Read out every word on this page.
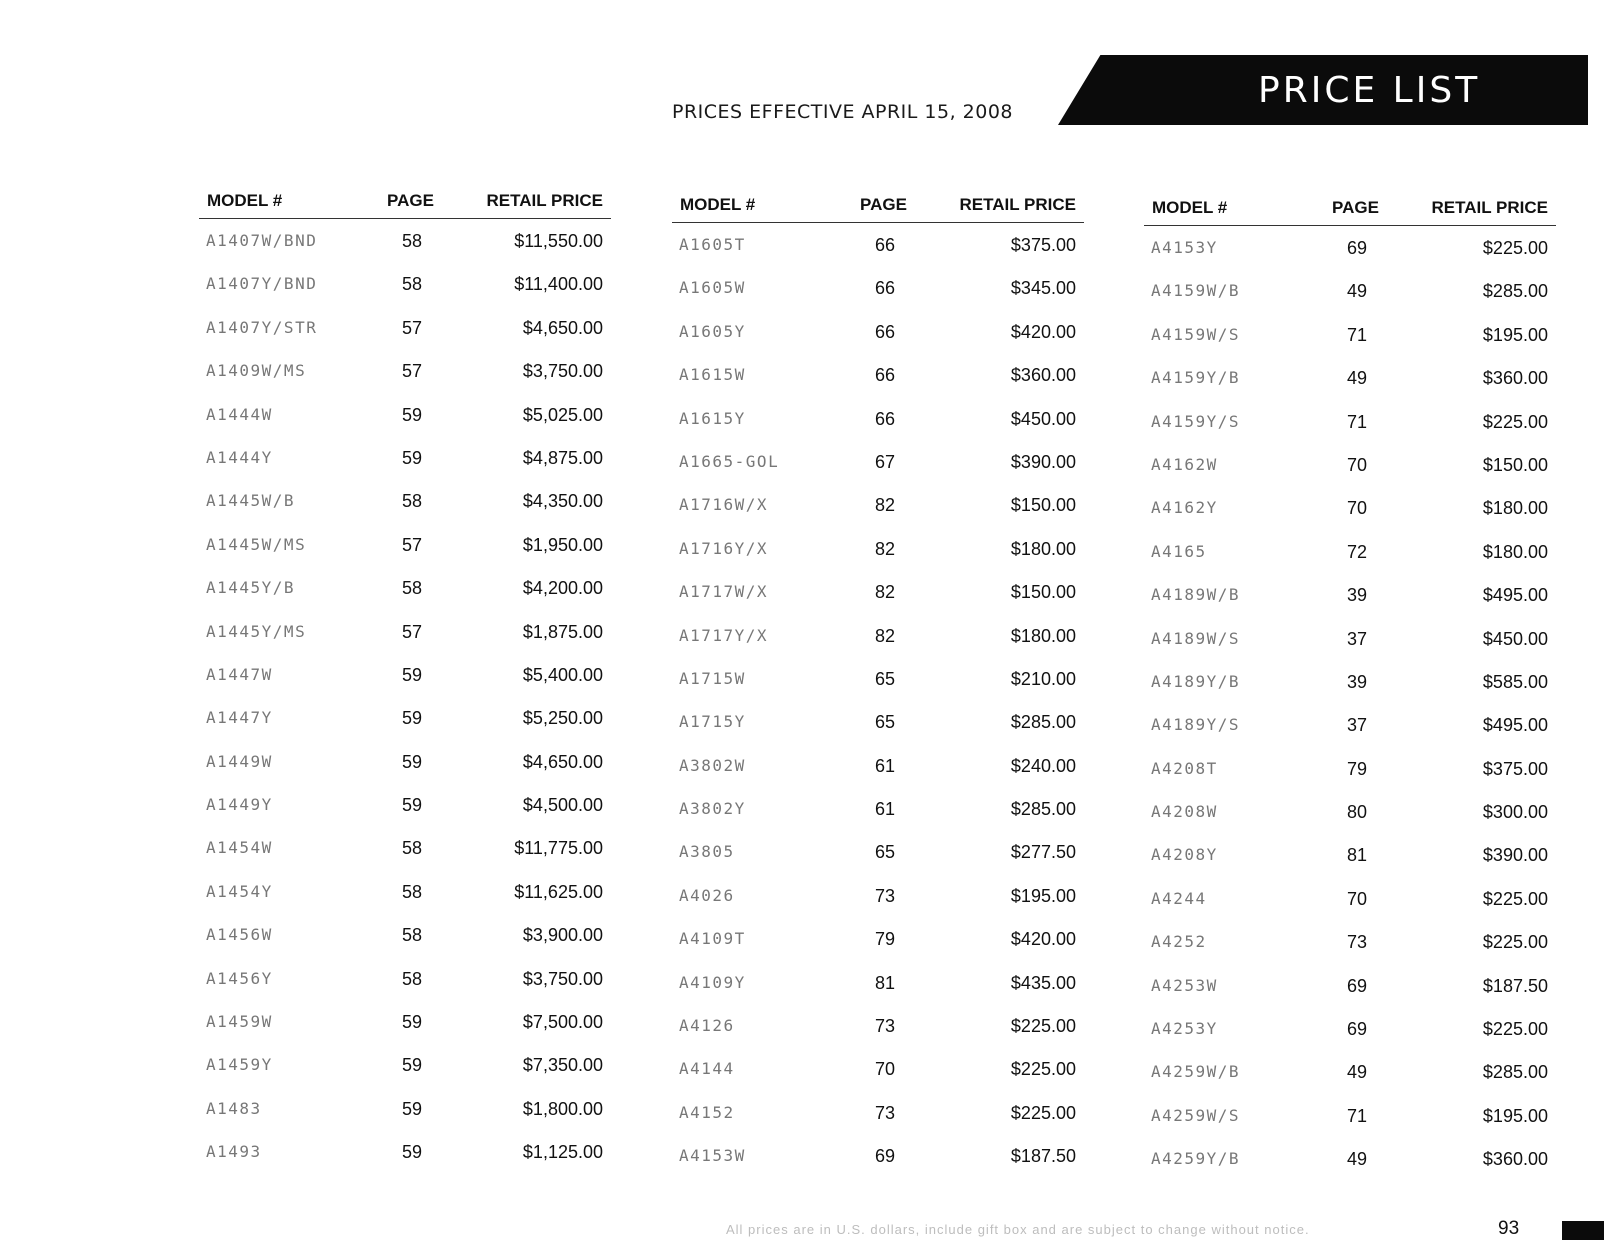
PRICE LIST
PRICES EFFECTIVE APRIL 15, 2008
MODEL #	PAGE	RETAIL PRICE
A1407W/BND	58	$11,550.00
A1407Y/BND	58	$11,400.00
A1407Y/STR	57	$4,650.00
A1409W/MS	57	$3,750.00
A1444W	59	$5,025.00
A1444Y	59	$4,875.00
A1445W/B	58	$4,350.00
A1445W/MS	57	$1,950.00
A1445Y/B	58	$4,200.00
A1445Y/MS	57	$1,875.00
A1447W	59	$5,400.00
A1447Y	59	$5,250.00
A1449W	59	$4,650.00
A1449Y	59	$4,500.00
A1454W	58	$11,775.00
A1454Y	58	$11,625.00
A1456W	58	$3,900.00
A1456Y	58	$3,750.00
A1459W	59	$7,500.00
A1459Y	59	$7,350.00
A1483	59	$1,800.00
A1493	59	$1,125.00
MODEL #	PAGE	RETAIL PRICE
A1605T	66	$375.00
A1605W	66	$345.00
A1605Y	66	$420.00
A1615W	66	$360.00
A1615Y	66	$450.00
A1665-GOL	67	$390.00
A1716W/X	82	$150.00
A1716Y/X	82	$180.00
A1717W/X	82	$150.00
A1717Y/X	82	$180.00
A1715W	65	$210.00
A1715Y	65	$285.00
A3802W	61	$240.00
A3802Y	61	$285.00
A3805	65	$277.50
A4026	73	$195.00
A4109T	79	$420.00
A4109Y	81	$435.00
A4126	73	$225.00
A4144	70	$225.00
A4152	73	$225.00
A4153W	69	$187.50
MODEL #	PAGE	RETAIL PRICE
A4153Y	69	$225.00
A4159W/B	49	$285.00
A4159W/S	71	$195.00
A4159Y/B	49	$360.00
A4159Y/S	71	$225.00
A4162W	70	$150.00
A4162Y	70	$180.00
A4165	72	$180.00
A4189W/B	39	$495.00
A4189W/S	37	$450.00
A4189Y/B	39	$585.00
A4189Y/S	37	$495.00
A4208T	79	$375.00
A4208W	80	$300.00
A4208Y	81	$390.00
A4244	70	$225.00
A4252	73	$225.00
A4253W	69	$187.50
A4253Y	69	$225.00
A4259W/B	49	$285.00
A4259W/S	71	$195.00
A4259Y/B	49	$360.00
All prices are in U.S. dollars, include gift box and are subject to change without notice.	93
